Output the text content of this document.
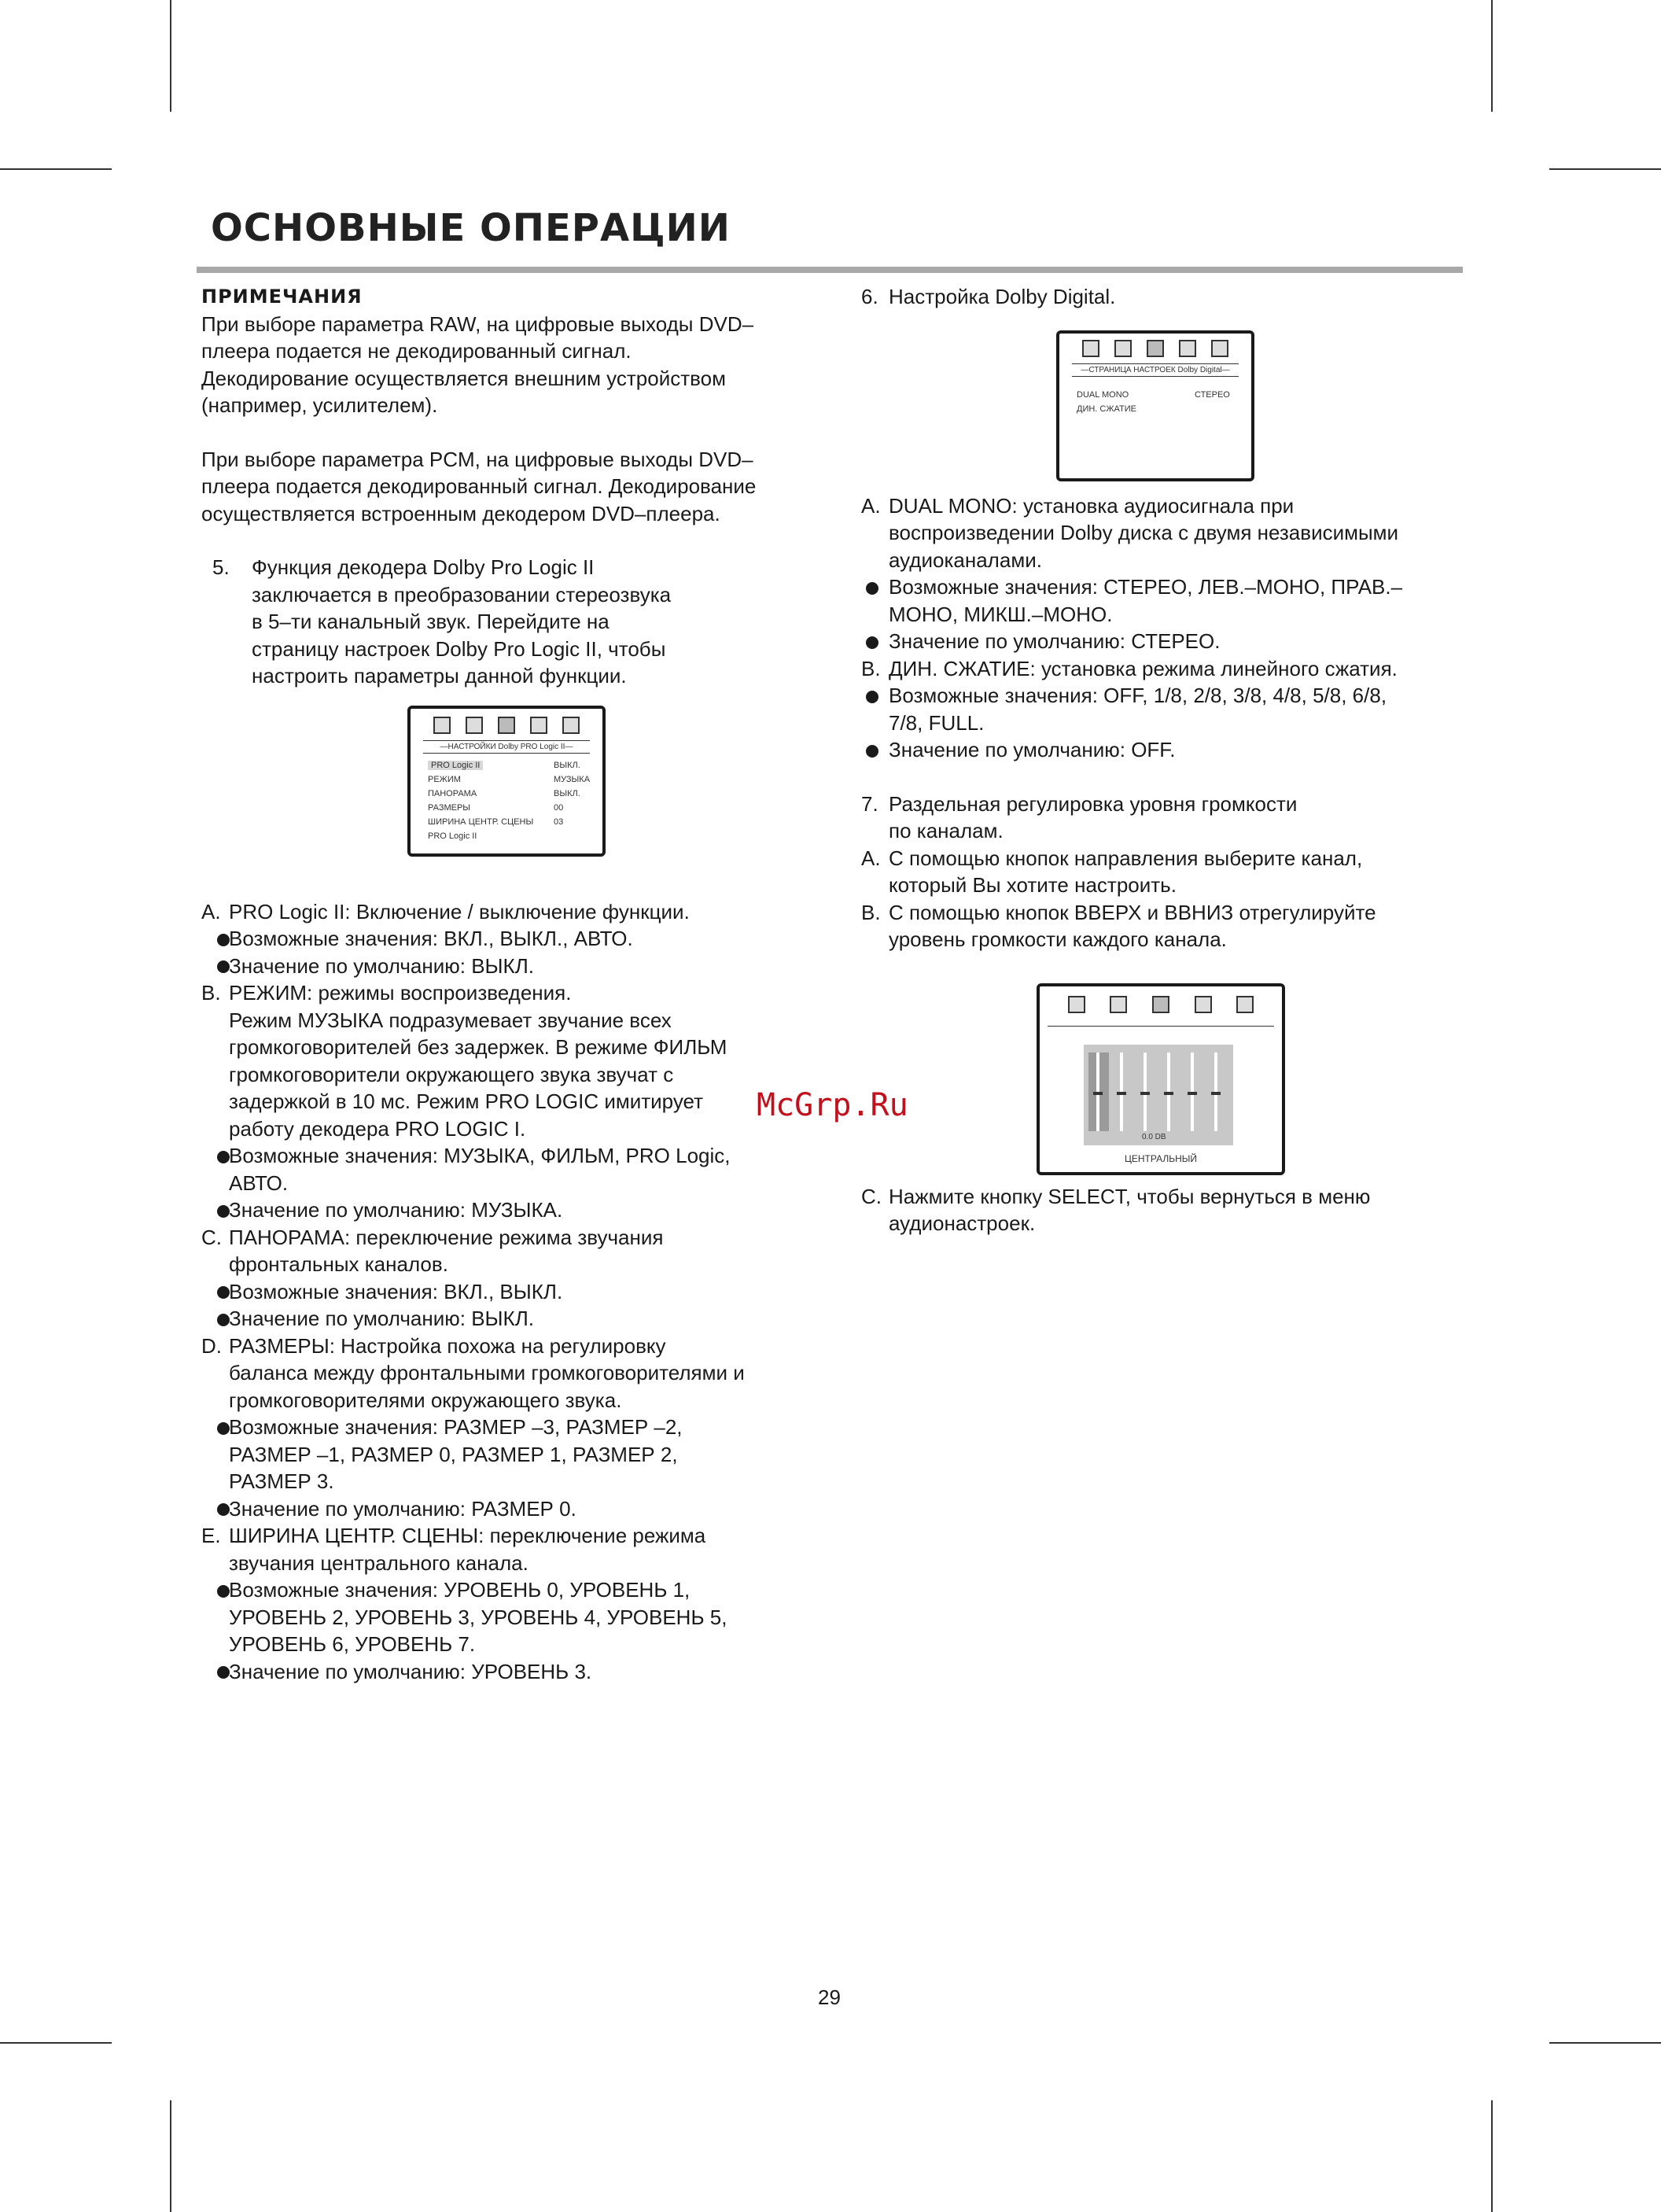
ОСНОВНЫЕ ОПЕРАЦИИ

ПРИМЕЧАНИЯ

При выборе параметра RAW, на цифровые выходы DVD–

плеера подается не декодированный сигнал.

Декодирование осуществляется внешним устройством

(например, усилителем).

При выборе параметра PCM, на цифровые выходы DVD–

плеера подается декодированный сигнал. Декодирование

осуществляется встроенным декодером DVD–плеера.

5.	Функция декодера Dolby Pro Logic II
заключается в преобразовании стереозвука
в 5–ти канальный звук. Перейдите на
страницу настроек Dolby Pro Logic II, чтобы
настроить параметры данной функции.
A. PRO Logic II: Включение / выключение функции.
Возможные значения: ВКЛ., ВЫКЛ., АВТО.
Значение по умолчанию: ВЫКЛ.
B. РЕЖИМ: режимы воспроизведения.
Режим МУЗЫКА подразумевает звучание всех
громкоговорителей без задержек. В режиме ФИЛЬМ
громкоговорители окружающего звука звучат с
задержкой в 10 мс. Режим PRO LOGIC имитирует
работу декодера PRO LOGIC I.
Возможные значения: МУЗЫКА, ФИЛЬМ, PRO Logic,
АВТО.
Значение по умолчанию: МУЗЫКА.
C. ПАНОРАМА: переключение режима звучания
фронтальных каналов.
Возможные значения: ВКЛ., ВЫКЛ.
Значение по умолчанию: ВЫКЛ.
D. РАЗМЕРЫ: Настройка похожа на регулировку
баланса между фронтальными громкоговорителями и
громкоговорителями окружающего звука.
Возможные значения: РАЗМЕР –3, РАЗМЕР –2,
РАЗМЕР –1, РАЗМЕР 0, РАЗМЕР 1, РАЗМЕР 2,
РАЗМЕР 3.
Значение по умолчанию: РАЗМЕР 0.
E. ШИРИНА ЦЕНТР. СЦЕНЫ: переключение режима
звучания центрального канала.
Возможные значения: УРОВЕНЬ 0, УРОВЕНЬ 1,
УРОВЕНЬ 2, УРОВЕНЬ 3, УРОВЕНЬ 4, УРОВЕНЬ 5,
УРОВЕНЬ 6, УРОВЕНЬ 7.
Значение по умолчанию: УРОВЕНЬ 3.
—НАСТРОЙКИ Dolby PRO Logic II—
PRO Logic II	ВЫКЛ.
РЕЖИМ	МУЗЫКА
ПАНОРАМА	ВЫКЛ.
РАЗМЕРЫ	00
ШИРИНА ЦЕНТР. СЦЕНЫ 03
PRO Logic II
6. Настройка Dolby Digital.
A. DUAL MONO: установка аудиосигнала при
воспроизведении Dolby диска с двумя независимыми
аудиоканалами.
Возможные значения: СТЕРЕО, ЛЕВ.–МОНО, ПРАВ.–
МОНО, МИКШ.–МОНО.
Значение по умолчанию: СТЕРЕО.
B. ДИН. СЖАТИЕ: установка режима линейного сжатия.
Возможные значения: OFF, 1/8, 2/8, 3/8, 4/8, 5/8, 6/8,
7/8, FULL.
Значение по умолчанию: OFF.
7. Раздельная регулировка уровня громкости
по каналам.
A. С помощью кнопок направления выберите канал,
который Вы хотите настроить.
B. С помощью кнопок ВВЕРХ и ВВНИЗ отрегулируйте
уровень громкости каждого канала.
C. Нажмите кнопку SELECT, чтобы вернуться в меню
аудионастроек.
—СТРАНИЦА НАСТРОЕК Dolby Digital—
DUAL MONO	СТЕРЕО
ДИН. СЖАТИЕ
0.0 DB
ЦЕНТРАЛЬНЫЙ
McGrp.Ru
29
